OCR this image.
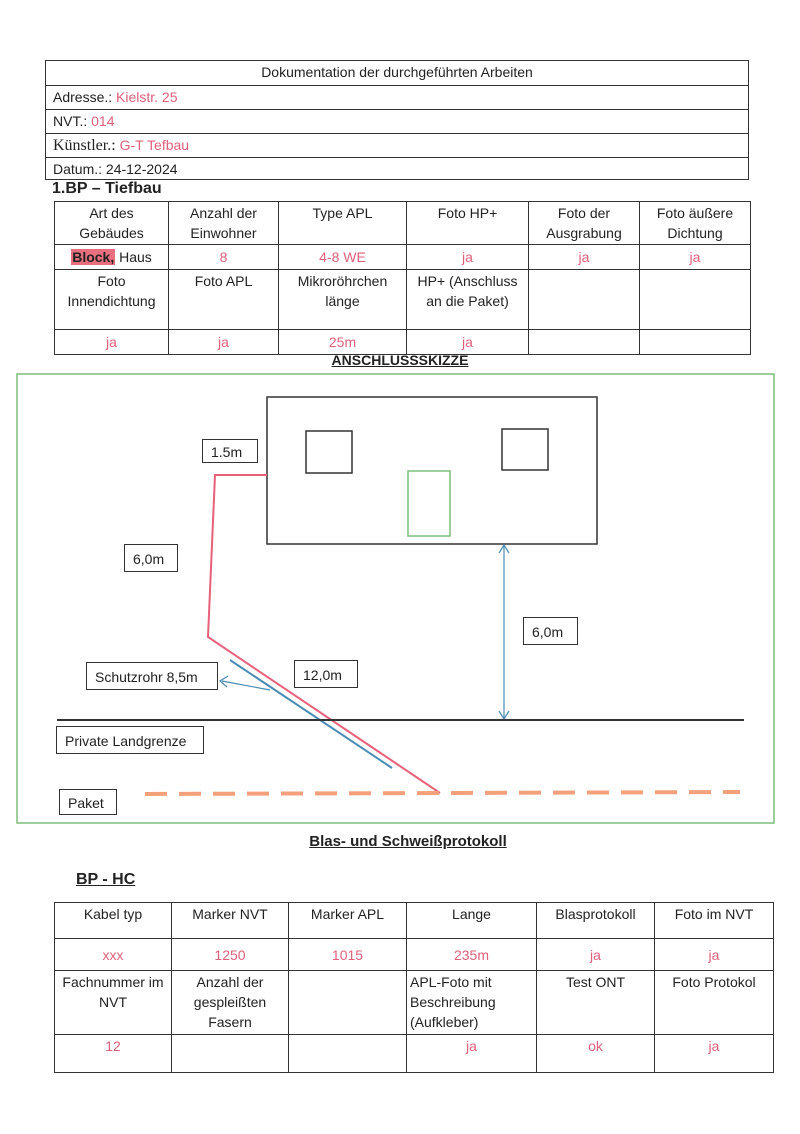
Dokumentation der durchgeführten Arbeiten
Adresse.: Kielstr. 25
NVT.: 014
Künstler.: G-T Tefbau
Datum.: 24-12-2024
1.BP – Tiefbau
Art des Gebäudes	Anzahl der Einwohner	Type APL	Foto HP+	Foto der Ausgrabung	Foto äußere Dichtung
Block, Haus	8	4-8 WE	ja	ja	ja
Foto Innendichtung	Foto APL	Mikroröhrchen länge	HP+ (Anschluss an die Paket)		
ja	ja	25m	ja		
ANSCHLUSSSKIZZE
1.5m
6,0m
6,0m
12,0m
Schutzrohr 8,5m
Private Landgrenze
Paket
Blas- und Schweißprotokoll
BP - HC
Kabel typ	Marker NVT	Marker APL	Lange	Blasprotokoll	Foto im NVT
xxx	1250	1015	235m	ja	ja
Fachnummer im NVT	Anzahl der gespleißten Fasern		APL-Foto mit Beschreibung (Aufkleber)	Test ONT	Foto Protokol
12			ja	ok	ja
